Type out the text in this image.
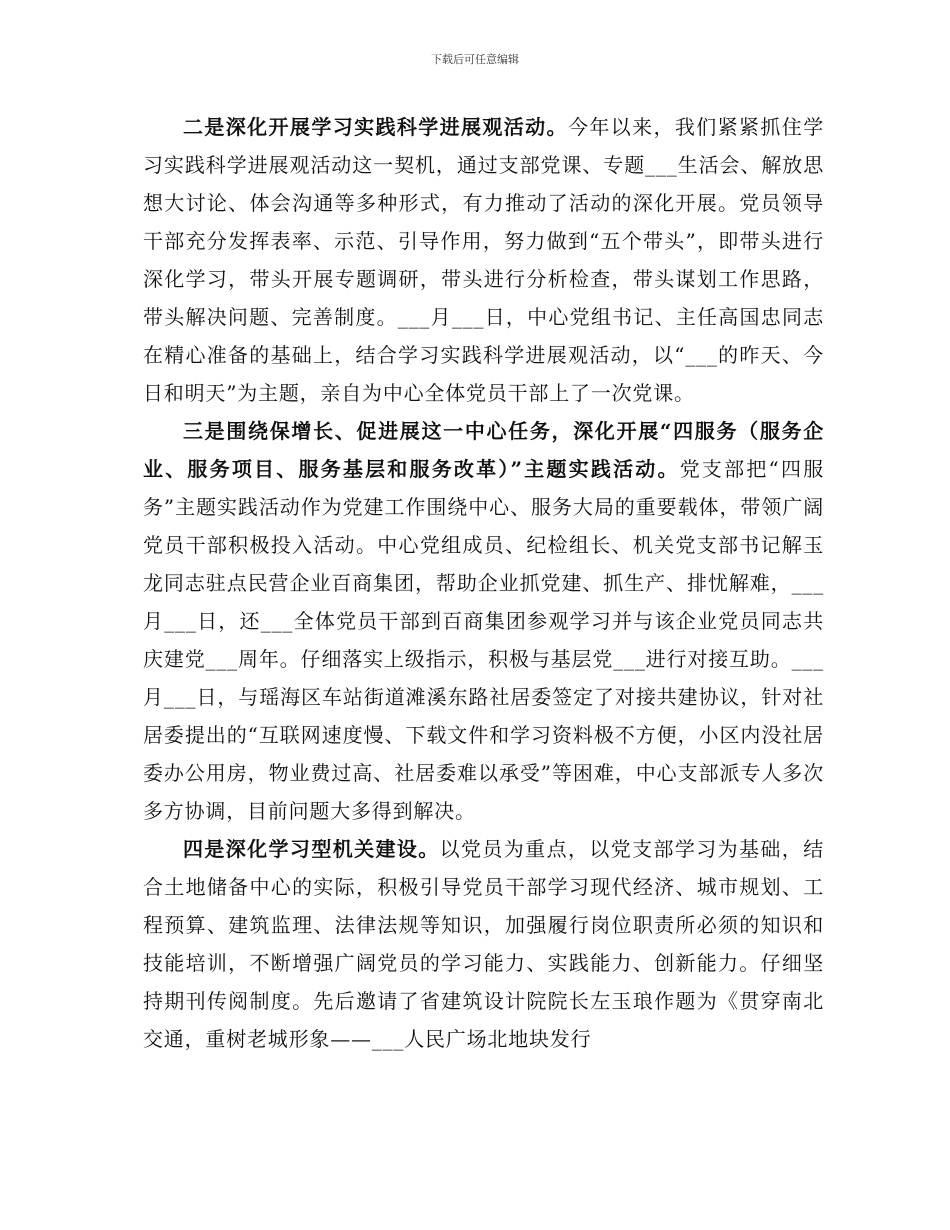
下载后可任意编辑

二是深化开展学习实践科学进展观活动。今年以来，我们紧紧抓住学习实践科学进展观活动这一契机，通过支部党课、专题___生活会、解放思想大讨论、体会沟通等多种形式，有力推动了活动的深化开展。党员领导干部充分发挥表率、示范、引导作用，努力做到“五个带头”，即带头进行深化学习，带头开展专题调研，带头进行分析检查，带头谋划工作思路，带头解决问题、完善制度。___月___日，中心党组书记、主任高国忠同志在精心准备的基础上，结合学习实践科学进展观活动，以“___的昨天、今日和明天”为主题，亲自为中心全体党员干部上了一次党课。

三是围绕保增长、促进展这一中心任务，深化开展“四服务（服务企业、服务项目、服务基层和服务改革）”主题实践活动。党支部把“四服务”主题实践活动作为党建工作围绕中心、服务大局的重要载体，带领广阔党员干部积极投入活动。中心党组成员、纪检组长、机关党支部书记解玉龙同志驻点民营企业百商集团，帮助企业抓党建、抓生产、排忧解难，___月___日，还___全体党员干部到百商集团参观学习并与该企业党员同志共庆建党___周年。仔细落实上级指示，积极与基层党___进行对接互助。___月___日，与瑶海区车站街道滩溪东路社居委签定了对接共建协议，针对社居委提出的“互联网速度慢、下载文件和学习资料极不方便，小区内没社居委办公用房，物业费过高、社居委难以承受”等困难，中心支部派专人多次多方协调，目前问题大多得到解决。

四是深化学习型机关建设。以党员为重点，以党支部学习为基础，结合土地储备中心的实际，积极引导党员干部学习现代经济、城市规划、工程预算、建筑监理、法律法规等知识，加强履行岗位职责所必须的知识和技能培训，不断增强广阔党员的学习能力、实践能力、创新能力。仔细坚持期刊传阅制度。先后邀请了省建筑设计院院长左玉琅作题为《贯穿南北交通，重树老城形象——___人民广场北地块发行
